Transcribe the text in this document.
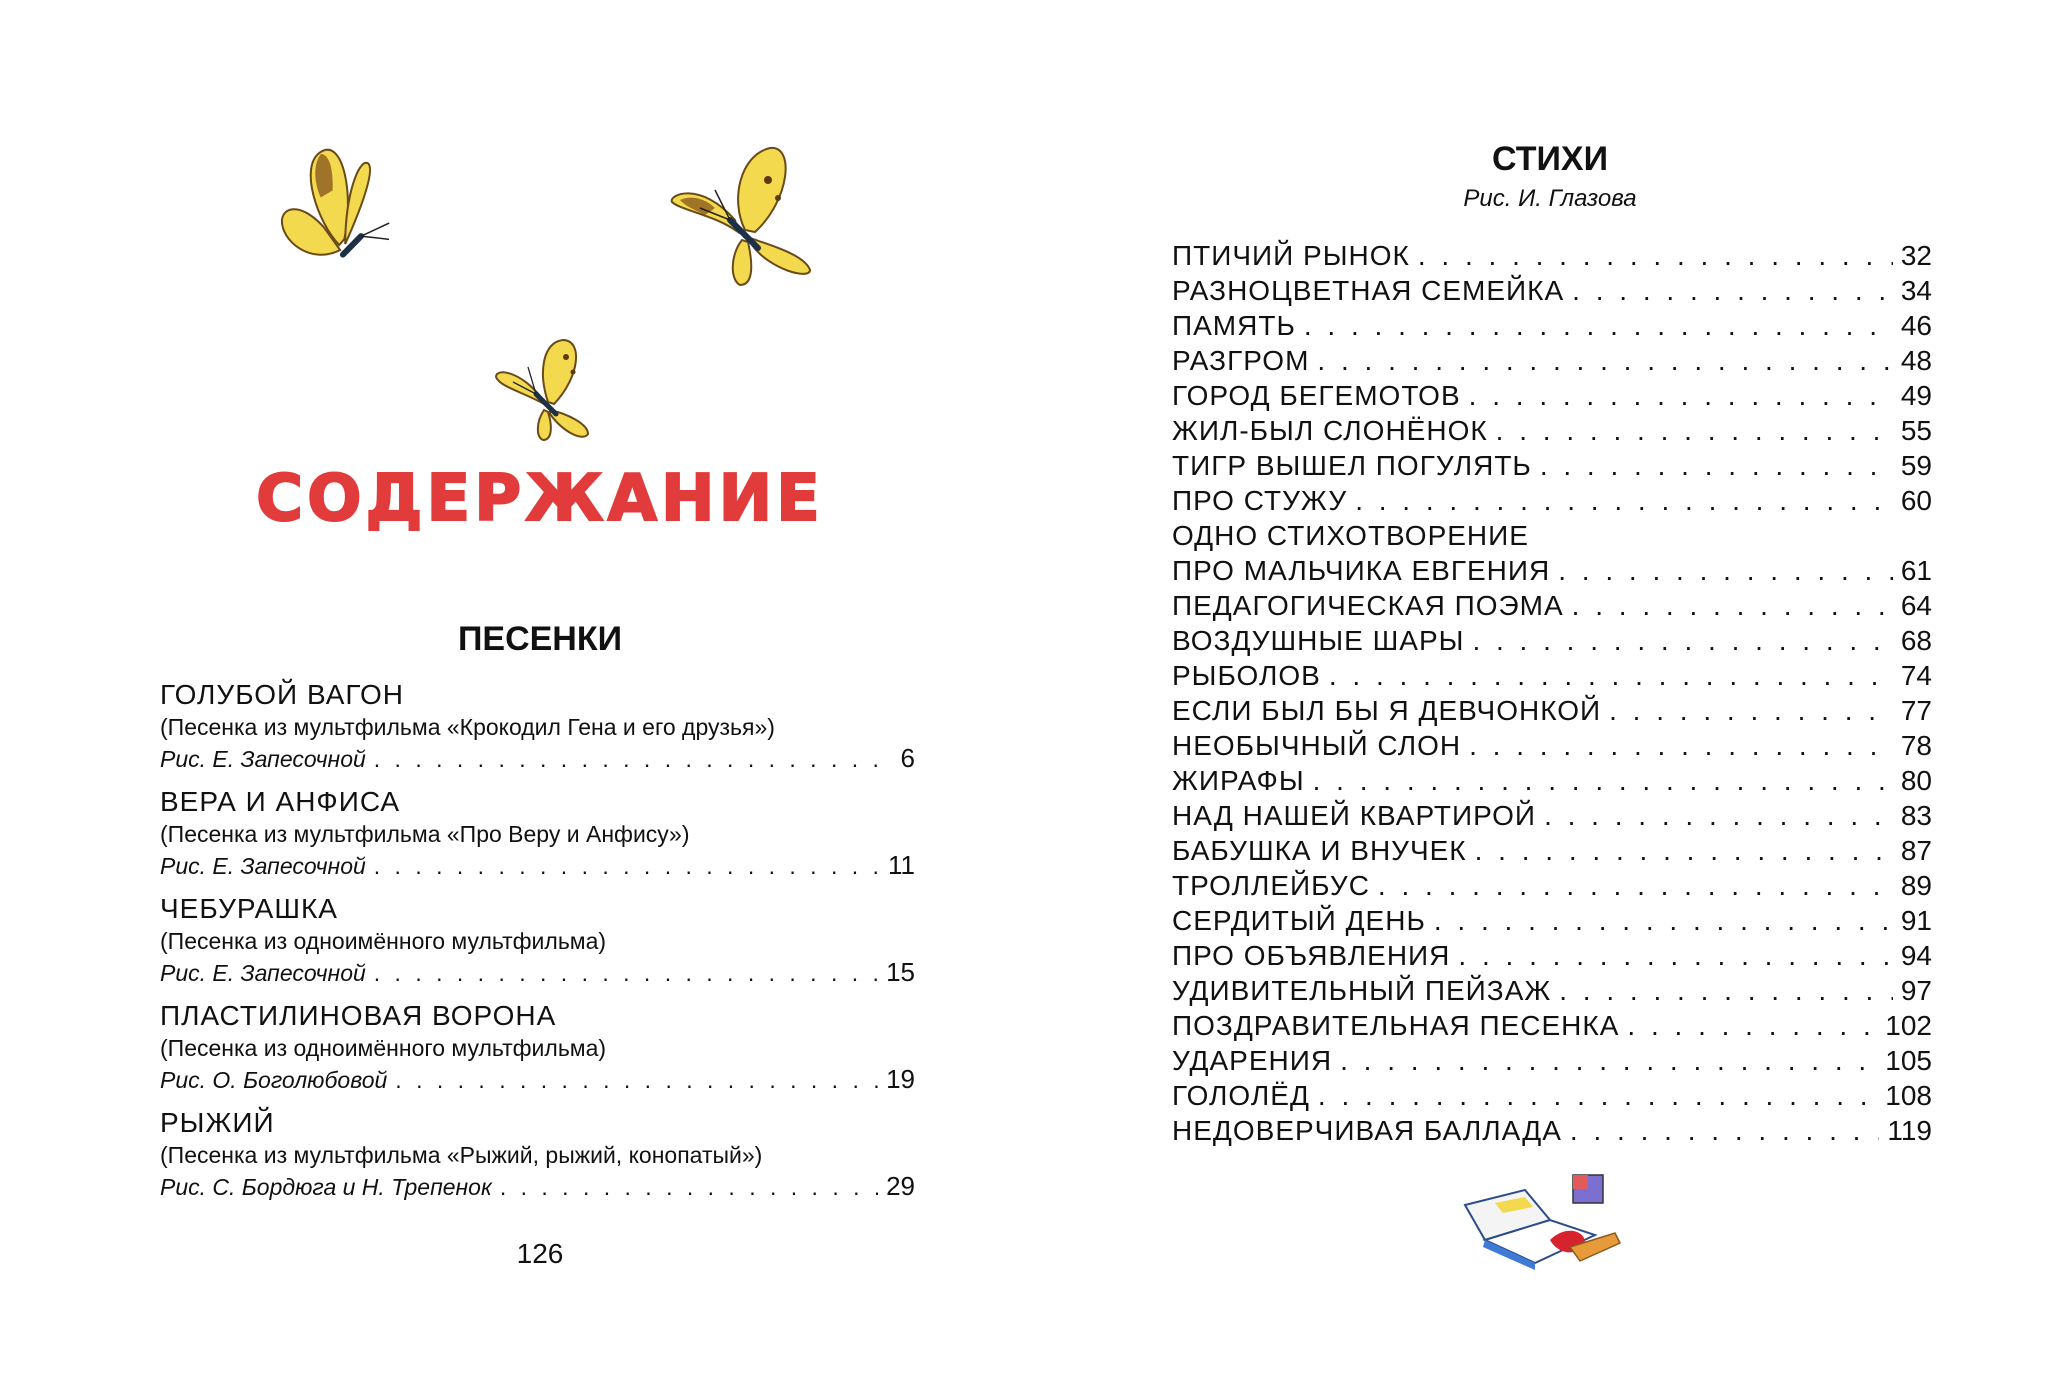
СОДЕРЖАНИЕ
ПЕСЕНКИ
ГОЛУБОЙ ВАГОН
(Песенка из мультфильма «Крокодил Гена и его друзья»)
Рис. Е. Запесочной . . .	6
ВЕРА И АНФИСА
(Песенка из мультфильма «Про Веру и Анфису»)
Рис. Е. Запесочной . . .	11
ЧЕБУРАШКА
(Песенка из одноимённого мультфильма)
Рис. Е. Запесочной . . .	15
ПЛАСТИЛИНОВАЯ ВОРОНА
(Песенка из одноимённого мультфильма)
Рис. О. Боголюбовой . . .	19
РЫЖИЙ
(Песенка из мультфильма «Рыжий, рыжий, конопатый»)
Рис. С. Бордюга и Н. Трепенок . . .	29
126
СТИХИ
Рис. И. Глазова
ПТИЧИЙ РЫНОК . . .	32
РАЗНОЦВЕТНАЯ СЕМЕЙКА . . .	34
ПАМЯТЬ . . .	46
РАЗГРОМ . . .	48
ГОРОД БЕГЕМОТОВ . . .	49
ЖИЛ-БЫЛ СЛОНЁНОК . . .	55
ТИГР ВЫШЕЛ ПОГУЛЯТЬ . . .	59
ПРО СТУЖУ . . .	60
ОДНО СТИХОТВОРЕНИЕ
ПРО МАЛЬЧИКА ЕВГЕНИЯ . . .	61
ПЕДАГОГИЧЕСКАЯ ПОЭМА . . .	64
ВОЗДУШНЫЕ ШАРЫ . . .	68
РЫБОЛОВ . . .	74
ЕСЛИ БЫЛ БЫ Я ДЕВЧОНКОЙ . . .	77
НЕОБЫЧНЫЙ СЛОН . . .	78
ЖИРАФЫ . . .	80
НАД НАШЕЙ КВАРТИРОЙ . . .	83
БАБУШКА И ВНУЧЕК . . .	87
ТРОЛЛЕЙБУС . . .	89
СЕРДИТЫЙ ДЕНЬ . . .	91
ПРО ОБЪЯВЛЕНИЯ . . .	94
УДИВИТЕЛЬНЫЙ ПЕЙЗАЖ . . .	97
ПОЗДРАВИТЕЛЬНАЯ ПЕСЕНКА . . .	102
УДАРЕНИЯ . . .	105
ГОЛОЛЁД . . .	108
НЕДОВЕРЧИВАЯ БАЛЛАДА . . .	119
